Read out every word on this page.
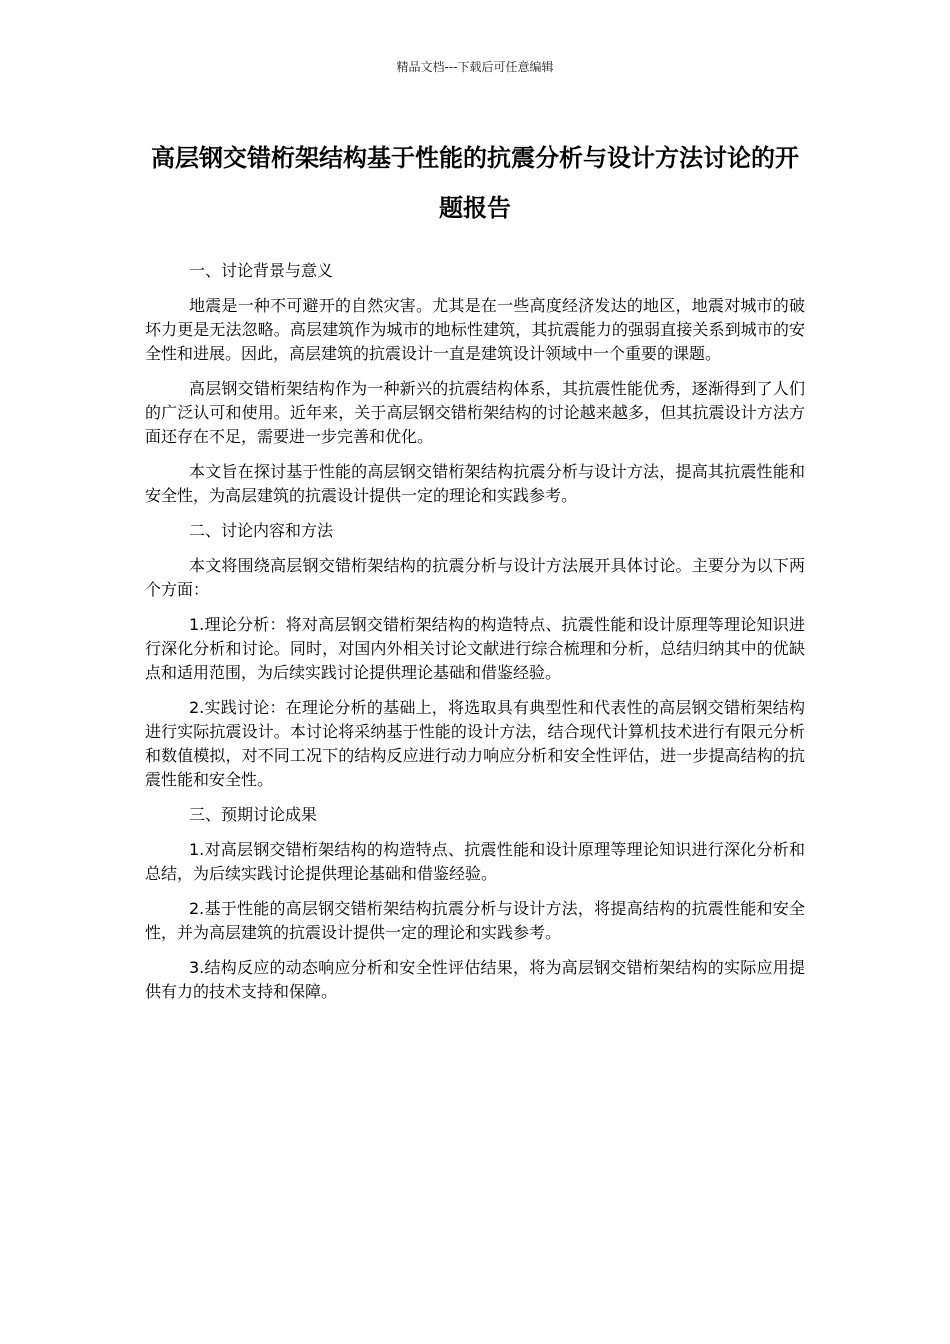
精品文档---下载后可任意编辑
高层钢交错桁架结构基于性能的抗震分析与设计方法讨论的开题报告

一、讨论背景与意义

地震是一种不可避开的自然灾害。尤其是在一些高度经济发达的地区，地震对城市的破坏力更是无法忽略。高层建筑作为城市的地标性建筑，其抗震能力的强弱直接关系到城市的安全性和进展。因此，高层建筑的抗震设计一直是建筑设计领域中一个重要的课题。

高层钢交错桁架结构作为一种新兴的抗震结构体系，其抗震性能优秀，逐渐得到了人们的广泛认可和使用。近年来，关于高层钢交错桁架结构的讨论越来越多，但其抗震设计方法方面还存在不足，需要进一步完善和优化。

本文旨在探讨基于性能的高层钢交错桁架结构抗震分析与设计方法，提高其抗震性能和安全性，为高层建筑的抗震设计提供一定的理论和实践参考。

二、讨论内容和方法

本文将围绕高层钢交错桁架结构的抗震分析与设计方法展开具体讨论。主要分为以下两个方面：

1.理论分析：将对高层钢交错桁架结构的构造特点、抗震性能和设计原理等理论知识进行深化分析和讨论。同时，对国内外相关讨论文献进行综合梳理和分析，总结归纳其中的优缺点和适用范围，为后续实践讨论提供理论基础和借鉴经验。

2.实践讨论：在理论分析的基础上，将选取具有典型性和代表性的高层钢交错桁架结构进行实际抗震设计。本讨论将采纳基于性能的设计方法，结合现代计算机技术进行有限元分析和数值模拟，对不同工况下的结构反应进行动力响应分析和安全性评估，进一步提高结构的抗震性能和安全性。

三、预期讨论成果

1.对高层钢交错桁架结构的构造特点、抗震性能和设计原理等理论知识进行深化分析和总结，为后续实践讨论提供理论基础和借鉴经验。

2.基于性能的高层钢交错桁架结构抗震分析与设计方法，将提高结构的抗震性能和安全性，并为高层建筑的抗震设计提供一定的理论和实践参考。

3.结构反应的动态响应分析和安全性评估结果，将为高层钢交错桁架结构的实际应用提供有力的技术支持和保障。
